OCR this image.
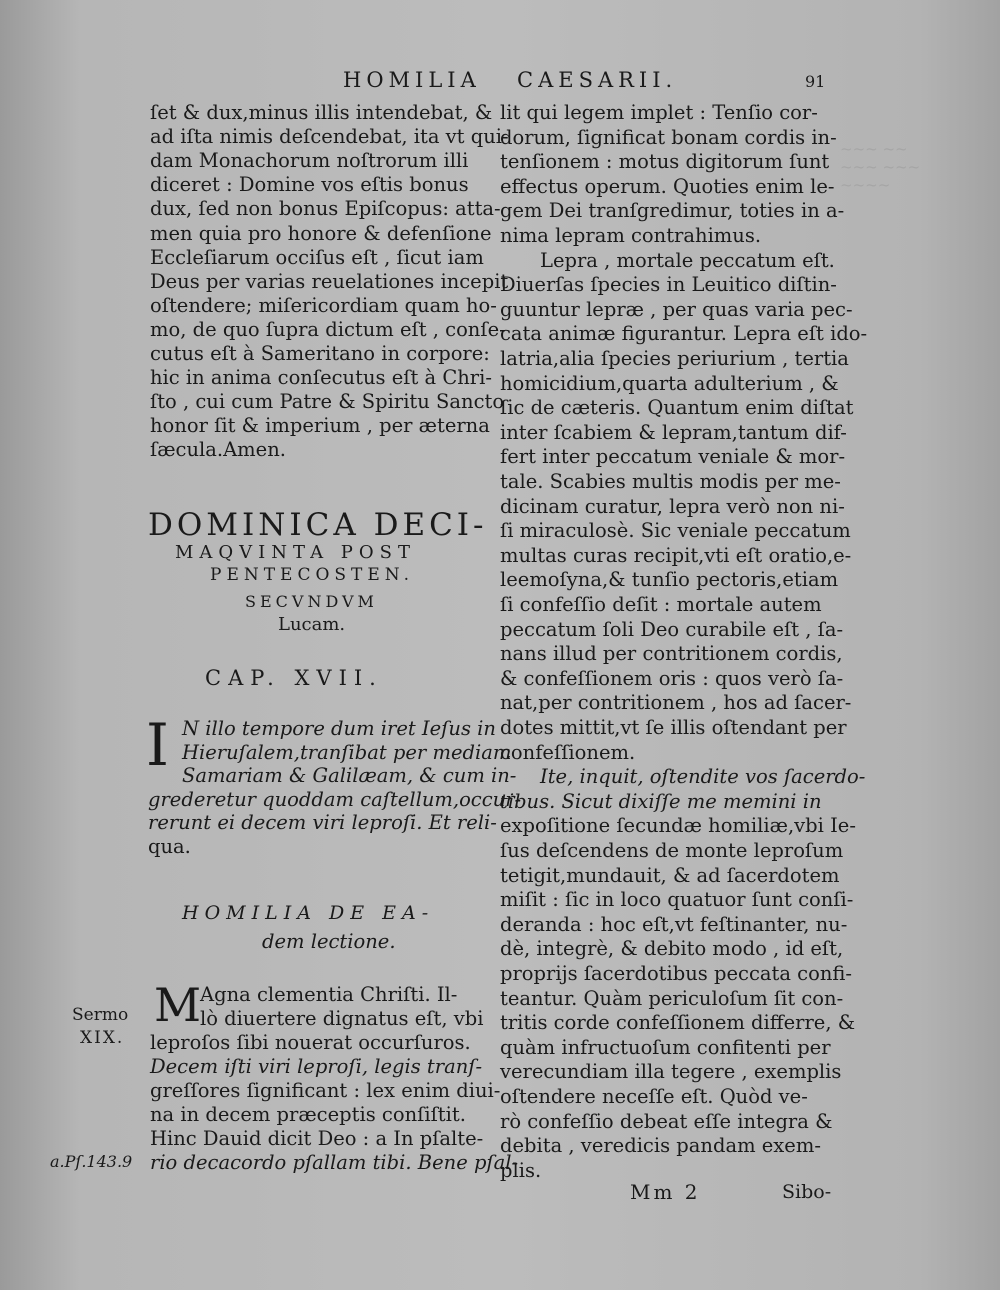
~~~ ~~
~~~ ~~~
~~~~
HOMILIA CAESARII.	91
ſet & dux,minus illis intendebat, &
ad iſta nimis deſcendebat, ita vt qui-
dam Monachorum noſtrorum illi
diceret : Domine vos eſtis bonus
dux, ſed non bonus Epiſcopus: atta-
men quia pro honore & defenſione
Eccleſiarum occiſus eſt , ſicut iam
Deus per varias reuelationes incepit
oſtendere; miſericordiam quam ho-
mo, de quo ſupra dictum eſt , conſe-
cutus eſt à Sameritano in corpore:
hic in anima conſecutus eſt à Chri-
ſto , cui cum Patre & Spiritu Sancto
honor ſit & imperium , per æterna
ſæcula.Amen.
DOMINICA DECI-
MAQVINTA POST
PENTECOSTEN.
SECVNDVM
Lucam.
CAP. XVII.
I N illo tempore dum iret Ieſus in
Hieruſalem,tranſibat per mediam
Samariam & Galilæam, & cum in-
grederetur quoddam caſtellum,occur-
rerunt ei decem viri leproſi. Et reli-
qua.
HOMILIA DE EA-
dem lectione.
M
Agna clementia Chriſti. Il-
lò diuertere dignatus eſt, vbi
leproſos ſibi nouerat occurſuros.
Decem iſti viri leproſi, legis tranſ-
greſſores ſignificant : lex enim diui-
na in decem præceptis conſiſtit.
Hinc Dauid dicit Deo : a In pſalte-
rio decacordo pſallam tibi. Bene pſal-
Sermo
XIX.
a.Pſ.143.9
lit qui legem implet : Tenſio cor-
dorum, ſignificat bonam cordis in-
tenſionem : motus digitorum ſunt
effectus operum. Quoties enim le-
gem Dei tranſgredimur, toties in a-
nima lepram contrahimus.
Lepra , mortale peccatum eſt.
Diuerſas ſpecies in Leuitico diſtin-
guuntur lepræ , per quas varia pec-
cata animæ figurantur. Lepra eſt ido-
latria,alia ſpecies periurium , tertia
homicidium,quarta adulterium , &
ſic de cæteris. Quantum enim diſtat
inter ſcabiem & lepram,tantum dif-
fert inter peccatum veniale & mor-
tale. Scabies multis modis per me-
dicinam curatur, lepra verò non ni-
ſi miraculosè. Sic veniale peccatum
multas curas recipit,vti eſt oratio,e-
leemoſyna,& tunſio pectoris,etiam
ſi confeſſio deſit : mortale autem
peccatum ſoli Deo curabile eſt , ſa-
nans illud per contritionem cordis,
& confeſſionem oris : quos verò ſa-
nat,per contritionem , hos ad ſacer-
dotes mittit,vt ſe illis oſtendant per
confeſſionem.
Ite, inquit, oſtendite vos ſacerdo-
tibus. Sicut dixiſſe me memini in
expoſitione ſecundæ homiliæ,vbi Ie-
ſus deſcendens de monte leproſum
tetigit,mundauit, & ad ſacerdotem
miſit : ſic in loco quatuor ſunt conſi-
deranda : hoc eſt,vt feſtinanter, nu-
dè, integrè, & debito modo , id eſt,
proprijs ſacerdotibus peccata confi-
teantur. Quàm periculoſum ſit con-
tritis corde confeſſionem differre, &
quàm infructuoſum confitenti per
verecundiam illa tegere , exemplis
oſtendere neceſſe eſt. Quòd ve-
rò confeſſio debeat eſſe integra &
debita , veredicis pandam exem-
plis.
Mm 2	Sibo-
